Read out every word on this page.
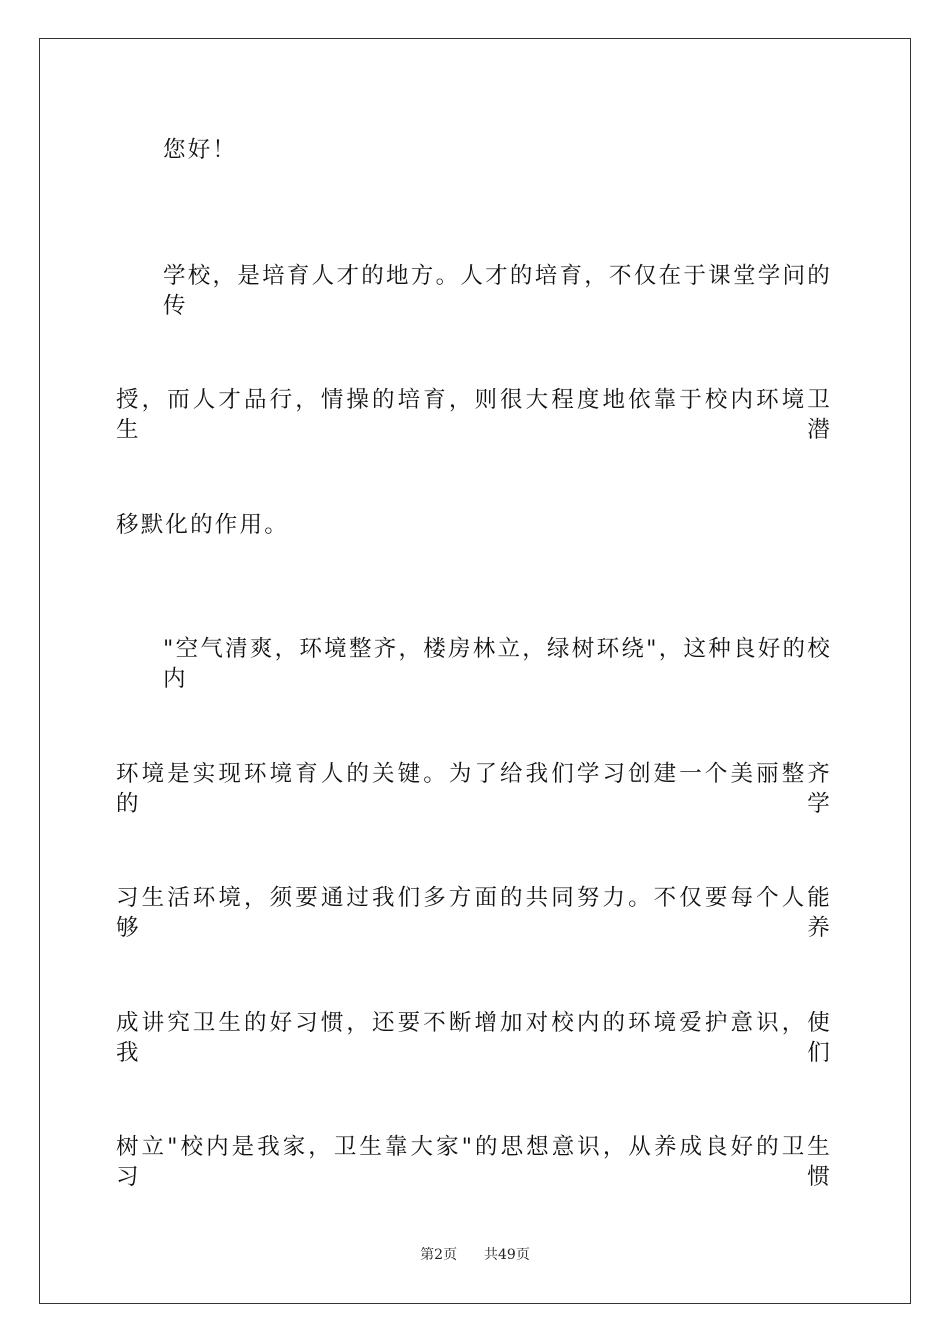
您好！
学校，是培育人才的地方。人才的培育，不仅在于课堂学问的传
授，而人才品行，情操的培育，则很大程度地依靠于校内环境卫生潜
移默化的作用。
"空气清爽，环境整齐，楼房林立，绿树环绕"，这种良好的校内
环境是实现环境育人的关键。为了给我们学习创建一个美丽整齐的学
习生活环境，须要通过我们多方面的共同努力。不仅要每个人能够养
成讲究卫生的好习惯，还要不断增加对校内的环境爱护意识，使我们
树立"校内是我家，卫生靠大家"的思想意识，从养成良好的卫生习惯
第2页 共49页
